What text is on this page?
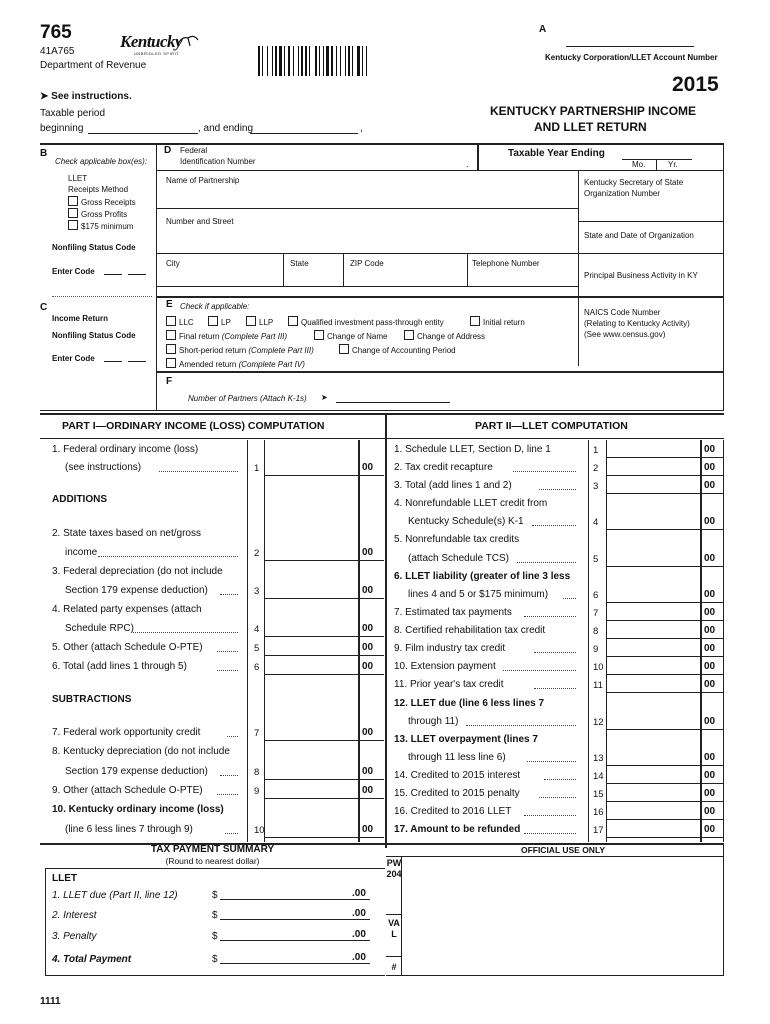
765
41A765
Department of Revenue
Kentucky
UNBRIDLED SPIRIT
A
Kentucky Corporation/LLET Account Number
2015
➤ See instructions.
Taxable period
beginning	, and ending	,
KENTUCKY PARTNERSHIP INCOME
AND LLET RETURN
B
Check applicable box(es):
LLET
Receipts Method
Gross Receipts
Gross Profits
$175 minimum
Nonfiling Status Code
Enter Code
C
Income Return
Nonfiling Status Code
Enter Code
D Federal
Identification Number	.
Taxable Year Ending
Mo.	Yr.
Name of Partnership	Kentucky Secretary of State
Organization Number
Number and Street
State and Date of Organization
City	State	ZIP Code	Telephone Number
Principal Business Activity in KY
E Check if applicable:
LLC	LP	LLP	Qualified investment pass-through entity	Initial return
Final return (Complete Part III)	Change of Name	Change of Address
Short-period return (Complete Part III)	Change of Accounting Period
Amended return (Complete Part IV)
NAICS Code Number
(Relating to Kentucky Activity)
(See www.census.gov)
F
Number of Partners (Attach K-1s) ➤
PART I—ORDINARY INCOME (LOSS) COMPUTATION	PART II—LLET COMPUTATION
1. Federal ordinary income (loss)
(see instructions)	1	00
ADDITIONS
2. State taxes based on net/gross
income	2	00
3. Federal depreciation (do not include
Section 179 expense deduction)	3	00
4. Related party expenses (attach
Schedule RPC)	4	00
5. Other (attach Schedule O-PTE)	5	00
6. Total (add lines 1 through 5)	6	00
SUBTRACTIONS
7. Federal work opportunity credit	7	00
8. Kentucky depreciation (do not include
Section 179 expense deduction)	8	00
9. Other (attach Schedule O-PTE)	9	00
10. Kentucky ordinary income (loss)
(line 6 less lines 7 through 9)	10	00
1. Schedule LLET, Section D, line 1	1	00
2. Tax credit recapture	2	00
3. Total (add lines 1 and 2)	3	00
4. Nonrefundable LLET credit from
Kentucky Schedule(s) K-1	4	00
5. Nonrefundable tax credits
(attach Schedule TCS)	5	00
6. LLET liability (greater of line 3 less
lines 4 and 5 or $175 minimum)	6	00
7. Estimated tax payments	7	00
8. Certified rehabilitation tax credit	8	00
9. Film industry tax credit	9	00
10. Extension payment	10	00
11. Prior year's tax credit	11	00
12. LLET due (line 6 less lines 7
through 11)	12	00
13. LLET overpayment (lines 7
through 11 less line 6)	13	00
14. Credited to 2015 interest	14	00
15. Credited to 2015 penalty	15	00
16. Credited to 2016 LLET	16	00
17. Amount to be refunded	17	00
TAX PAYMENT SUMMARY
(Round to nearest dollar)
LLET
1. LLET due (Part II, line 12)	$	.00
2. Interest	$	.00
3. Penalty	$	.00
4. Total Payment	$	.00
PW204
VAL
#
OFFICIAL USE ONLY
1111
